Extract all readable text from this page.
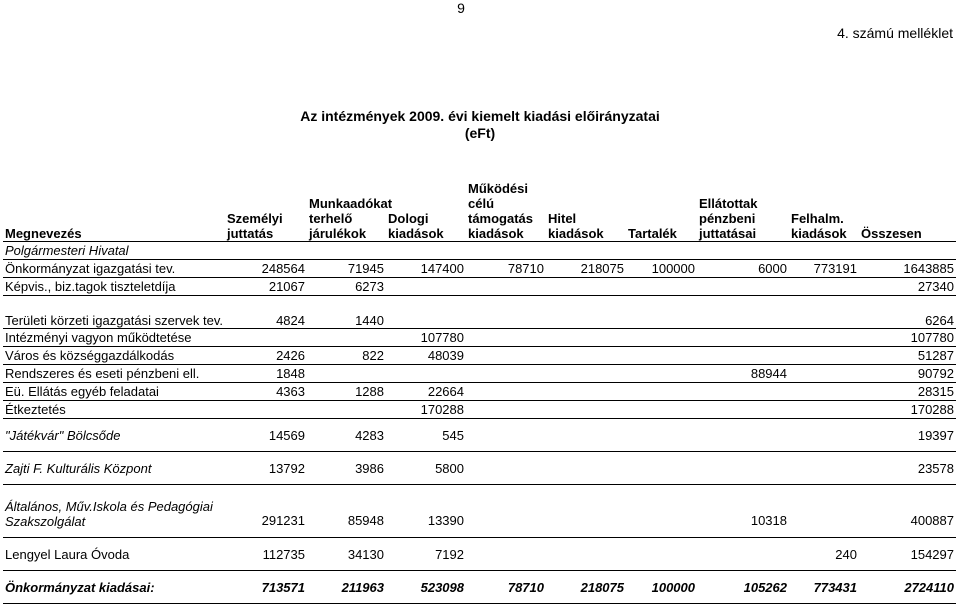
9
4. számú melléklet
Az intézmények 2009. évi kiemelt kiadási előirányzatai
(eFt)
Megnevezés	Személyi juttatás	Munkaadókat terhelő járulékok	Dologi kiadások	Működési célú támogatás kiadások	Hitel kiadások	Tartalék	Ellátottak pénzbeni juttatásai	Felhalm. kiadások	Összesen
Polgármesteri Hivatal									
Önkormányzat igazgatási tev.	248564	71945	147400	78710	218075	100000	6000	773191	1643885
Képvis., biz.tagok tiszteletdíja	21067	6273							27340
Területi körzeti igazgatási szervek tev.	4824	1440							6264
Intézményi vagyon működtetése			107780						107780
Város és községgazdálkodás	2426	822	48039						51287
Rendszeres és eseti pénzbeni ell.	1848						88944		90792
Eü. Ellátás egyéb feladatai	4363	1288	22664						28315
Étkeztetés			170288						170288
"Játékvár" Bölcsőde	14569	4283	545						19397
Zajti F. Kulturális Központ	13792	3986	5800						23578
Általános, Műv.Iskola és Pedagógiai Szakszolgálat	291231	85948	13390				10318		400887
Lengyel Laura Óvoda	112735	34130	7192					240	154297
Önkormányzat kiadásai:	713571	211963	523098	78710	218075	100000	105262	773431	2724110
